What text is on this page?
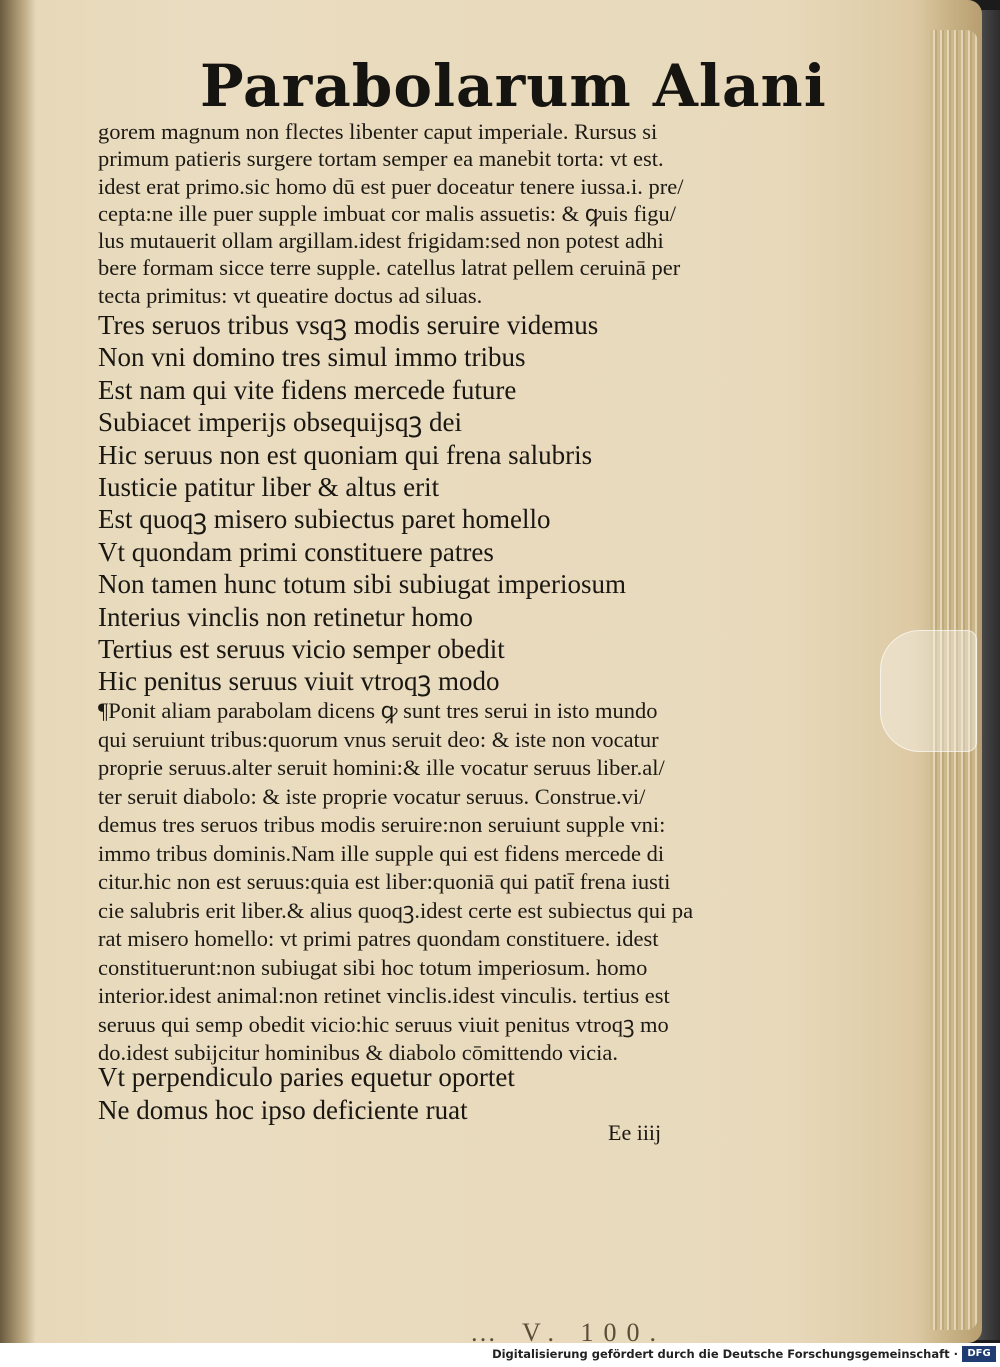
Parabolarum Alani
gorem magnum non flectes libenter caput imperiale. Rursus si
primum patieris surgere tortam semper ea manebit torta: vt est.
idest erat primo.sic homo dū est puer doceatur tenere iussa.i. pre/
cepta:ne ille puer supple imbuat cor malis assuetis: & ꝙuis figu/
lus mutauerit ollam argillam.idest frigidam:sed non potest adhi
bere formam sicce terre supple. catellus latrat pellem ceruinā per
tecta primitus: vt queatire doctus ad siluas.
Tres seruos tribus vsqꝫ modis seruire videmus
Non vni domino tres simul immo tribus
Est nam qui vite fidens mercede future
Subiacet imperijs obsequijsqꝫ dei
Hic seruus non est quoniam qui frena salubris
Iusticie patitur liber & altus erit
Est quoqꝫ misero subiectus paret homello
Vt quondam primi constituere patres
Non tamen hunc totum sibi subiugat imperiosum
Interius vinclis non retinetur homo
Tertius est seruus vicio semper obedit
Hic penitus seruus viuit vtroqꝫ modo
¶Ponit aliam parabolam dicens ꝙ sunt tres serui in isto mundo
qui seruiunt tribus:quorum vnus seruit deo: & iste non vocatur
proprie seruus.alter seruit homini:& ille vocatur seruus liber.al/
ter seruit diabolo: & iste proprie vocatur seruus. Construe.vi/
demus tres seruos tribus modis seruire:non seruiunt supple vni:
immo tribus dominis.Nam ille supple qui est fidens mercede di
citur.hic non est seruus:quia est liber:quoniā qui patit̄ frena iusti
cie salubris erit liber.& alius quoqꝫ.idest certe est subiectus qui pa
rat misero homello: vt primi patres quondam constituere. idest
constituerunt:non subiugat sibi hoc totum imperiosum. homo
interior.idest animal:non retinet vinclis.idest vinculis. tertius est
seruus qui semp obedit vicio:hic seruus viuit penitus vtroqꝫ mo
do.idest subijcitur hominibus & diabolo cōmittendo vicia.
Vt perpendiculo paries equetur oportet
Ne domus hoc ipso deficiente ruat
Ee iiij
… V. 100.
Digitalisierung gefördert durch die Deutsche Forschungsgemeinschaft · DFG
